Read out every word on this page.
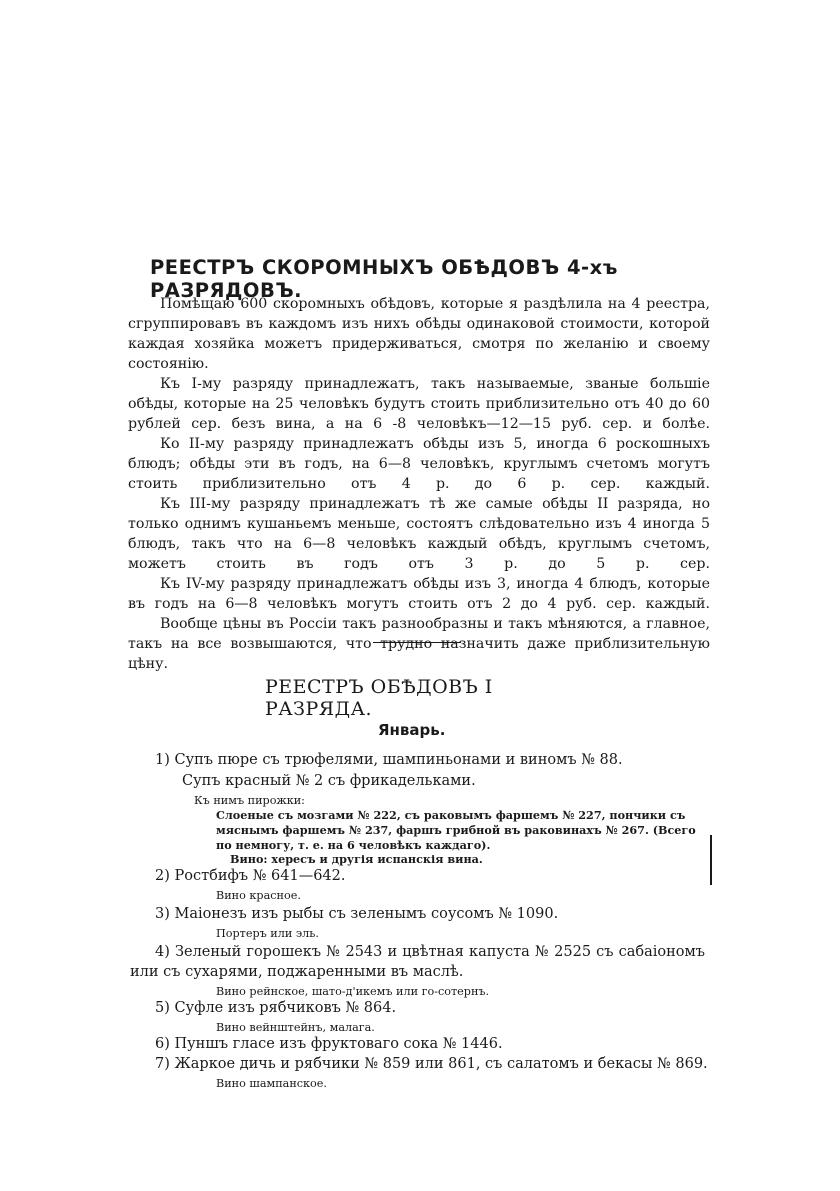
РЕЕСТРЪ СКОРОМНЫХЪ ОБѢДОВЪ 4-хъ РАЗРЯДОВЪ.

Помѣщаю 600 скоромныхъ обѣдовъ, которые я раздѣлила на 4 реестра, сгруппировавъ въ каждомъ изъ нихъ обѣды одинаковой стоимости, которой каждая хозяйка можетъ придерживаться, смотря по желанію и своему состоянію.

Къ I-му разряду принадлежатъ, такъ называемые, званые большіе обѣды, которые на 25 человѣкъ будутъ стоить приблизительно отъ 40 до 60 рублей сер. безъ вина, а на 6 -8 человѣкъ—12—15 руб. сер. и болѣе.

Ко II-му разряду принадлежатъ обѣды изъ 5, иногда 6 роскошныхъ блюдъ; обѣды эти въ годъ, на 6—8 человѣкъ, круглымъ счетомъ могутъ стоить приблизительно отъ 4 р. до 6 р. сер. каждый.

Къ III-му разряду принадлежатъ тѣ же самые обѣды II разряда, но только однимъ кушаньемъ меньше, состоятъ слѣдовательно изъ 4 иногда 5 блюдъ, такъ что на 6—8 человѣкъ каждый обѣдъ, круглымъ счетомъ, можетъ стоить въ годъ отъ 3 р. до 5 р. сер.

Къ IV-му разряду принадлежатъ обѣды изъ 3, иногда 4 блюдъ, которые въ годъ на 6—8 человѣкъ могутъ стоить отъ 2 до 4 руб. сер. каждый.

Вообще цѣны въ Россіи такъ разнообразны и такъ мѣняются, а главное, такъ на все возвышаются, что трудно назначить даже приблизительную цѣну.

РЕЕСТРЪ ОБѢДОВЪ I РАЗРЯДА.
Январь.
1) Супъ пюре съ трюфелями, шампиньонами и виномъ № 88.
Супъ красный № 2 съ фрикадельками.
Къ нимъ пирожки:
Слоеные съ мозгами № 222, съ раковымъ фаршемъ № 227, пончики съ
мяснымъ фаршемъ № 237, фаршъ грибной въ раковинахъ № 267. (Всего
по немногу, т. е. на 6 человѣкъ каждаго).
Вино: хересъ и другія испанскія вина.
2) Ростбифъ № 641—642.
Вино красное.
3) Маіонезъ изъ рыбы съ зеленымъ соусомъ № 1090.
Портеръ или эль.
4) Зеленый горошекъ № 2543 и цвѣтная капуста № 2525 съ сабаіономъ
или съ сухарями, поджаренными въ маслѣ.
Вино рейнское, шато-д'икемъ или го-сотернъ.
5) Суфле изъ рябчиковъ № 864.
Вино вейнштейнъ, малага.
6) Пуншъ гласе изъ фруктоваго сока № 1446.
7) Жаркое дичь и рябчики № 859 или 861, съ салатомъ и бекасы № 869.
Вино шампанское.
